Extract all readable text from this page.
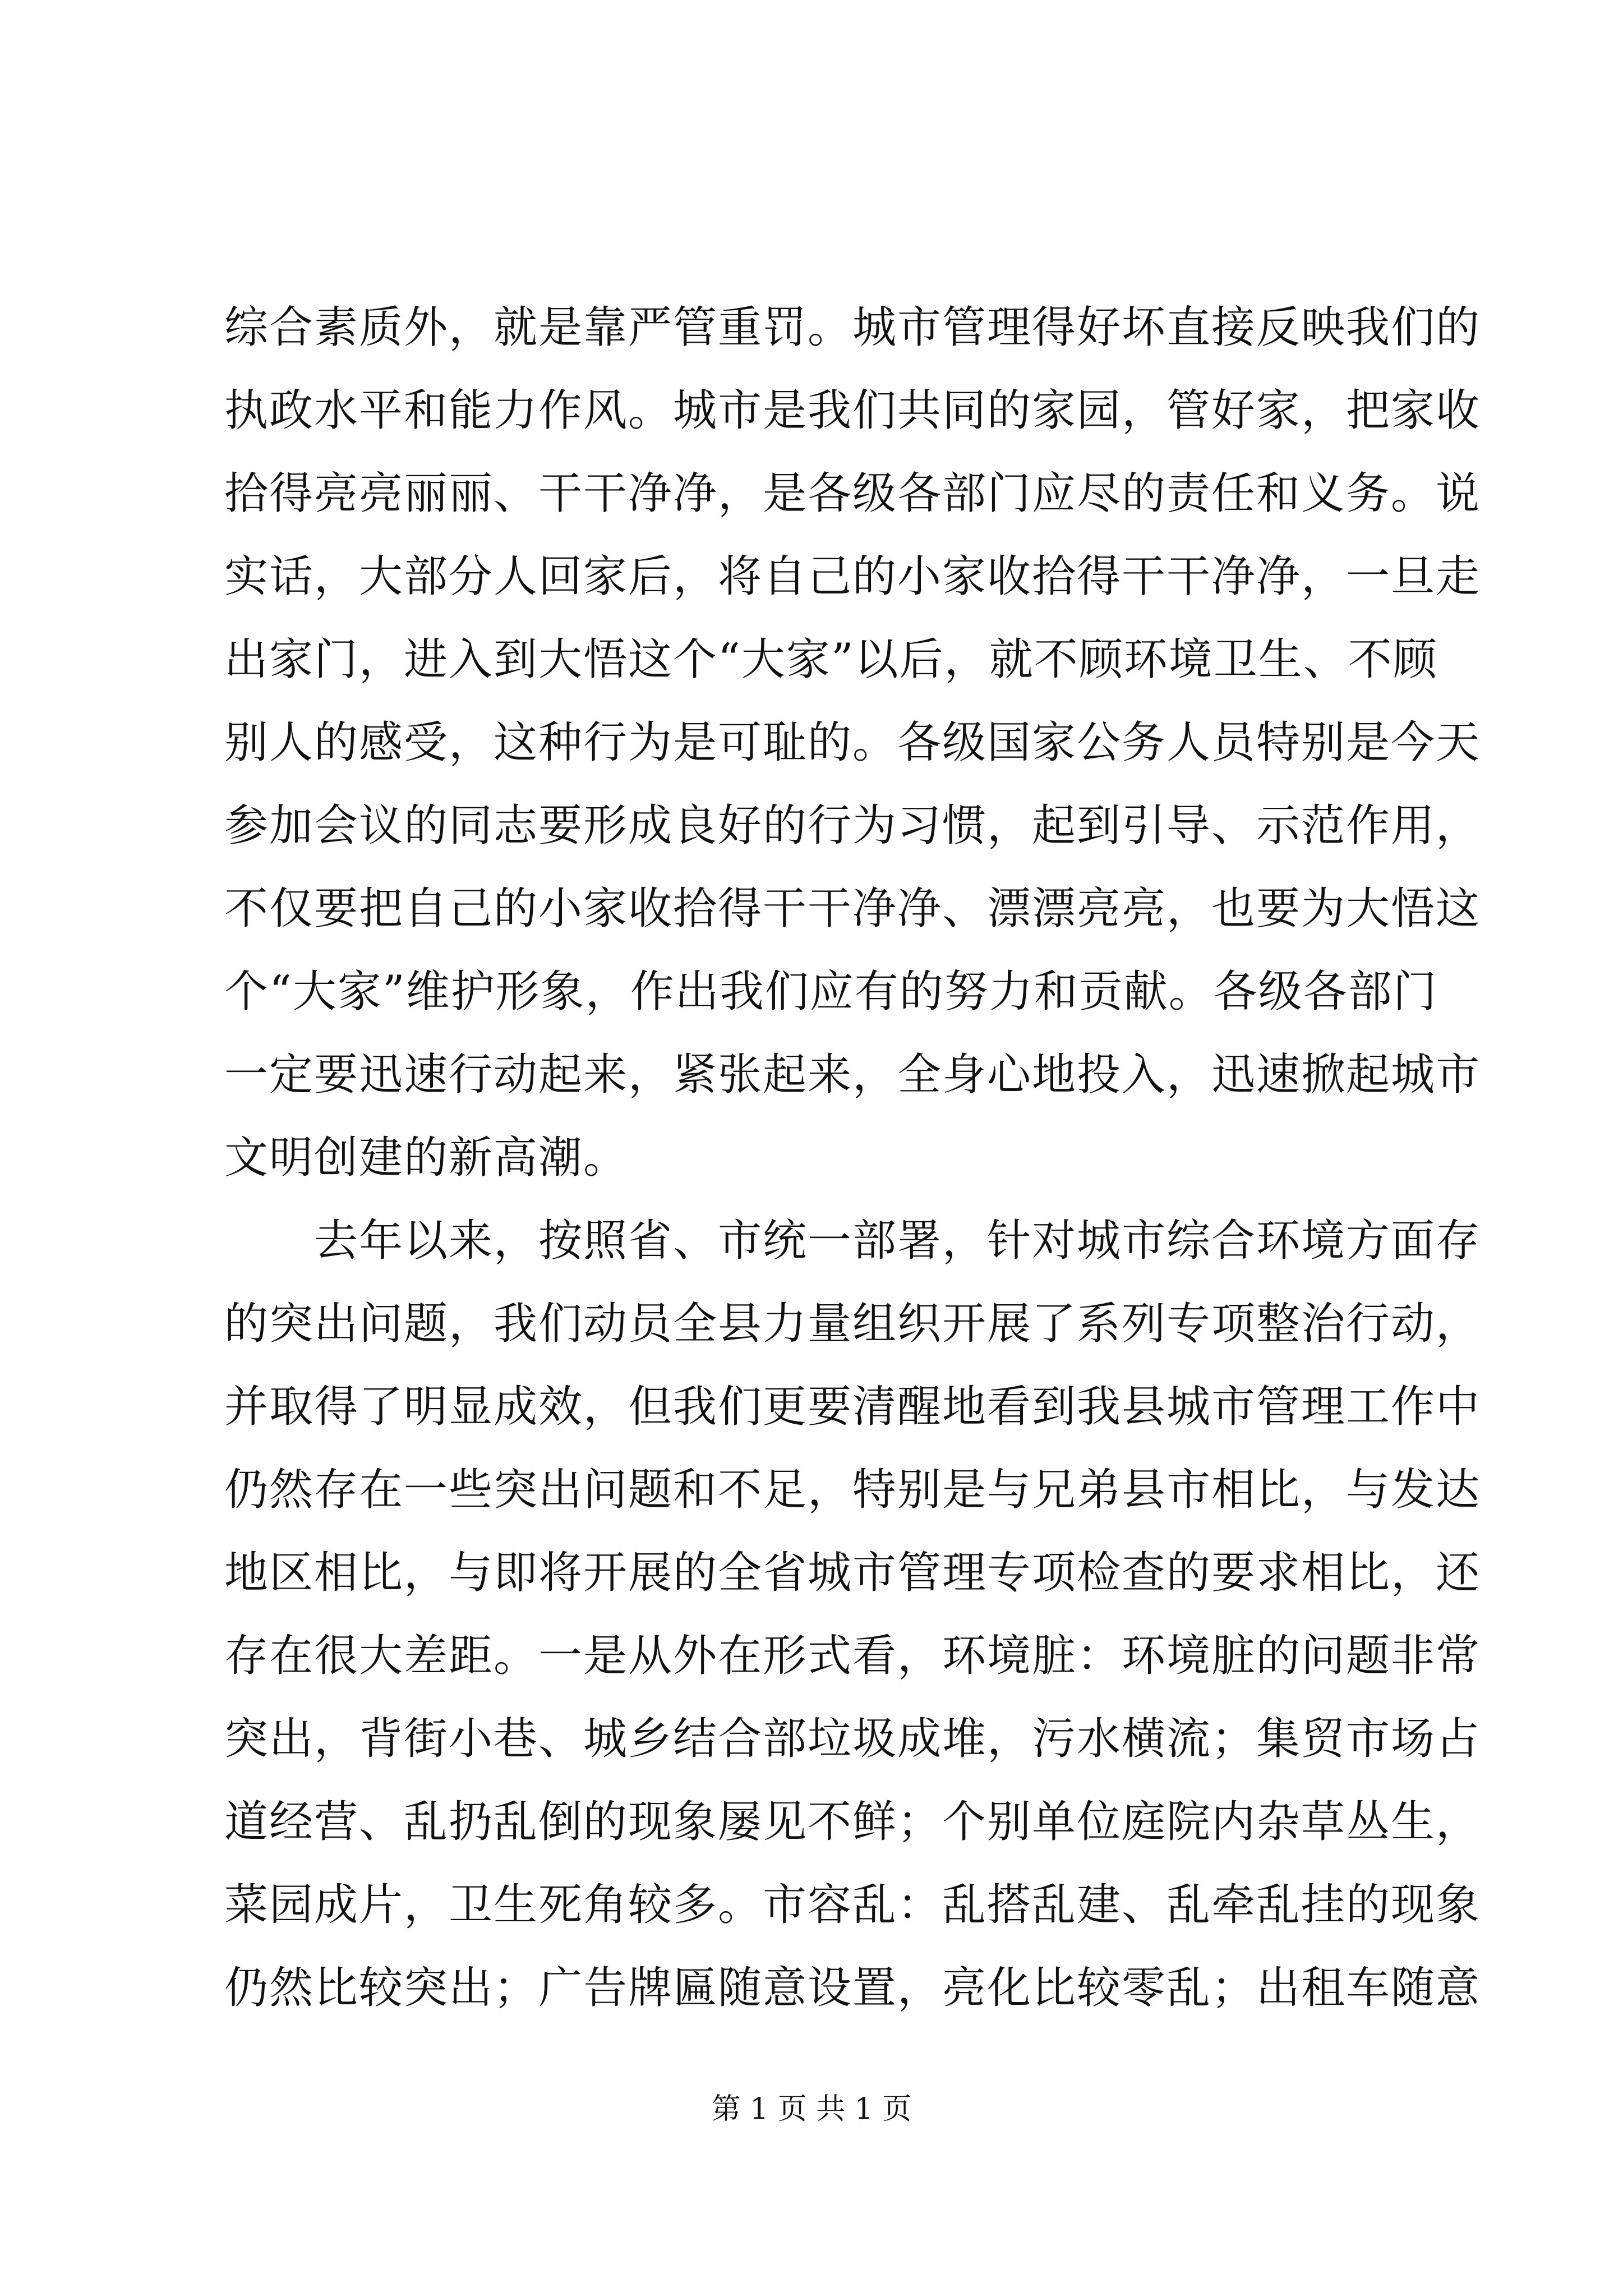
综合素质外，就是靠严管重罚。城市管理得好坏直接反映我们的
执政水平和能力作风。城市是我们共同的家园，管好家，把家收
拾得亮亮丽丽、干干净净，是各级各部门应尽的责任和义务。说
实话，大部分人回家后，将自己的小家收拾得干干净净，一旦走
出家门，进入到大悟这个“大家”以后，就不顾环境卫生、不顾
别人的感受，这种行为是可耻的。各级国家公务人员特别是今天
参加会议的同志要形成良好的行为习惯，起到引导、示范作用，
不仅要把自己的小家收拾得干干净净、漂漂亮亮，也要为大悟这
个“大家”维护形象，作出我们应有的努力和贡献。各级各部门
一定要迅速行动起来，紧张起来，全身心地投入，迅速掀起城市
文明创建的新高潮。
　　去年以来，按照省、市统一部署，针对城市综合环境方面存
的突出问题，我们动员全县力量组织开展了系列专项整治行动，
并取得了明显成效，但我们更要清醒地看到我县城市管理工作中
仍然存在一些突出问题和不足，特别是与兄弟县市相比，与发达
地区相比，与即将开展的全省城市管理专项检查的要求相比，还
存在很大差距。一是从外在形式看，环境脏：环境脏的问题非常
突出，背街小巷、城乡结合部垃圾成堆，污水横流；集贸市场占
道经营、乱扔乱倒的现象屡见不鲜；个别单位庭院内杂草丛生，
菜园成片，卫生死角较多。市容乱：乱搭乱建、乱牵乱挂的现象
仍然比较突出；广告牌匾随意设置，亮化比较零乱；出租车随意
第 1 页 共 1 页
